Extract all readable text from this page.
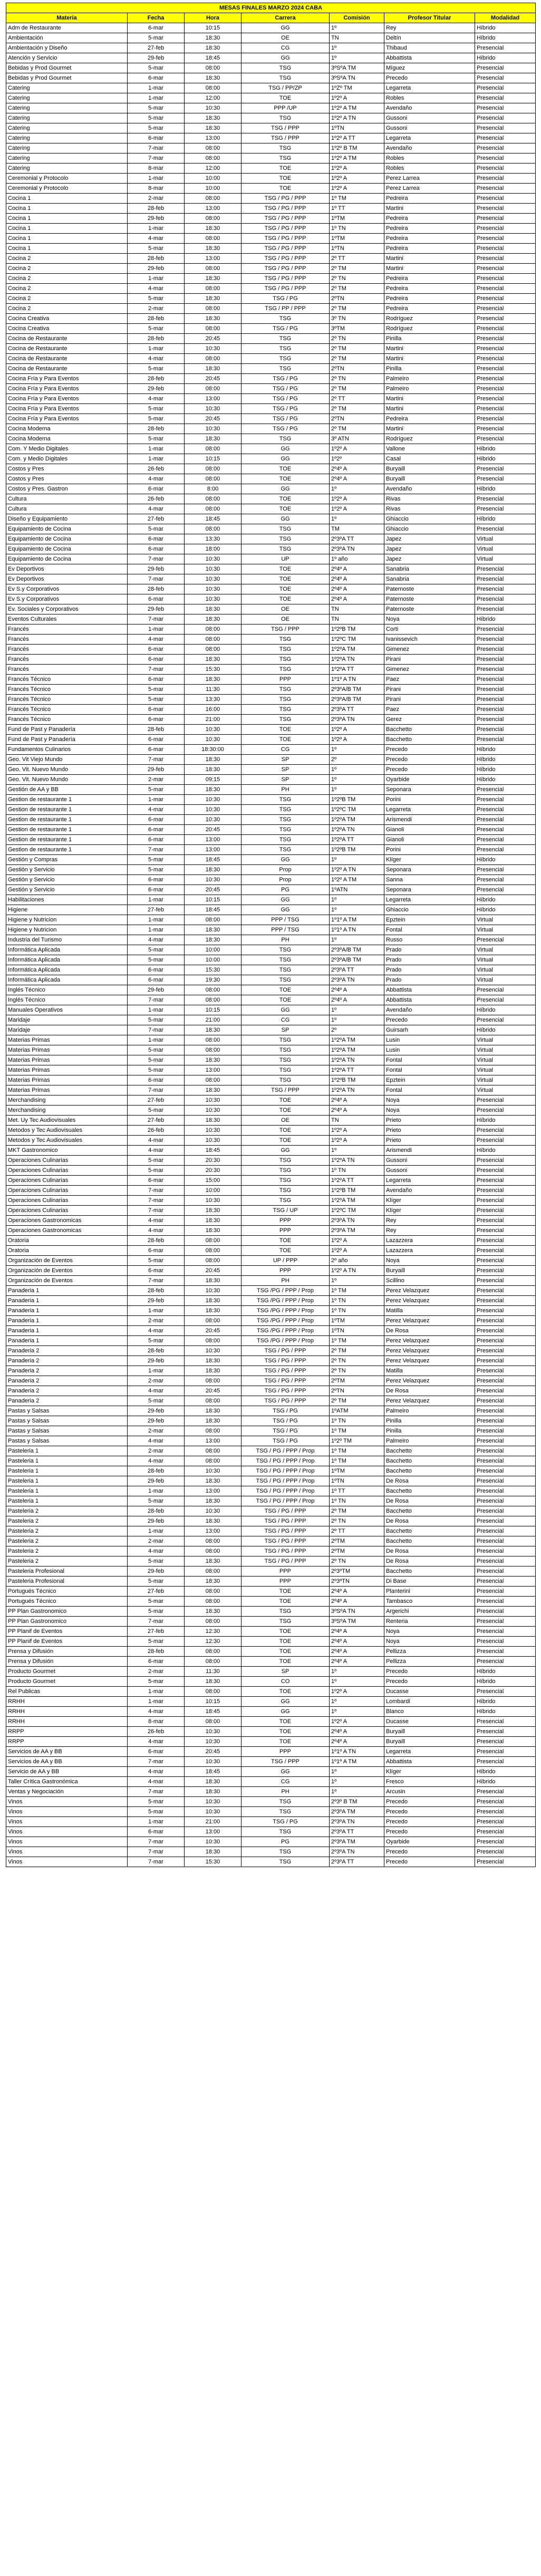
MESAS FINALES MARZO 2024 CABA						
Materia	Fecha	Hora	Carrera	Comisión	Profesor Titular	Modalidad
Adm de Restaurante	6-mar	10:15	GG	1º	Rey	Híbrido
Ambientación	5-mar	18:30	OE	TN	Deltín	Híbrido
Ambientación y Diseño	27-feb	18:30	CG	1º	Thibaud	Presencial
Atención y Servicio	29-feb	18:45	GG	1º	Abbattista	Híbrido
Bebidas y Prod Gourmet	5-mar	08:00	TSG	3ºSºA TM	Míguez	Presencial
Bebidas y Prod Gourmet	6-mar	18:30	TSG	3ºSºA TN	Precedo	Presencial
Catering	1-mar	08:00	TSG / PP/ZP	1ºZº TM	Legarreta	Presencial
Catering	1-mar	12:00	TOE	1º2º A	Robles	Presencial
Catering	5-mar	10:30	PPP /UP	1º2º A TM	Avendaño	Presencial
Catering	5-mar	18:30	TSG	1º2º A TN	Gussoni	Presencial
Catering	5-mar	18:30	TSG / PPP	1ºTN	Gussoni	Presencial
Catering	6-mar	13:00	TSG / PPP	1º2º A TT	Legarreta	Presencial
Catering	7-mar	08:00	TSG	1º2º B TM	Avendaño	Presencial
Catering	7-mar	08:00	TSG	1º2º A TM	Robles	Presencial
Catering	8-mar	12:00	TOE	1º2º A	Robles	Presencial
Ceremonial y Protocolo	1-mar	10:00	TOE	1º2º A	Perez Larrea	Presencial
Ceremonial y Protocolo	8-mar	10:00	TOE	1º2º A	Perez Larrea	Presencial
Cocina 1	2-mar	08:00	TSG / PG / PPP	1º TM	Pedreira	Presencial
Cocina 1	28-feb	13:00	TSG / PG / PPP	1º TT	Martini	Presencial
Cocina 1	29-feb	08:00	TSG / PG / PPP	1ºTM	Pedreira	Presencial
Cocina 1	1-mar	18:30	TSG / PG / PPP	1º TN	Pedreira	Presencial
Cocina 1	4-mar	08:00	TSG / PG / PPP	1ºTM	Pedreira	Presencial
Cocina 1	5-mar	18:30	TSG / PG / PPP	1ºTN	Pedreira	Presencial
Cocina 2	28-feb	13:00	TSG / PG / PPP	2º TT	Martini	Presencial
Cocina 2	29-feb	08:00	TSG / PG / PPP	2º TM	Martini	Presencial
Cocina 2	1-mar	18:30	TSG / PG / PPP	2º TN	Pedreira	Presencial
Cocina 2	4-mar	08:00	TSG / PG / PPP	2º TM	Pedreira	Presencial
Cocina 2	5-mar	18:30	TSG / PG	2ºTN	Pedreira	Presencial
Cocina 2	2-mar	08:00	TSG / PP / PPP	2º TM	Pedreira	Presencial
Cocina Creativa	28-feb	18:30	TSG	3º TN	Rodríguez	Presencial
Cocina Creativa	5-mar	08:00	TSG / PG	3ºTM	Rodríguez	Presencial
Cocina de Restaurante	28-feb	20:45	TSG	2º TN	Pinilla	Presencial
Cocina de Restaurante	1-mar	10:30	TSG	2º TM	Martini	Presencial
Cocina de Restaurante	4-mar	08:00	TSG	2º TM	Martini	Presencial
Cocina de Restaurante	5-mar	18:30	TSG	2ºTN	Pinilla	Presencial
Cocina Fría y Para Eventos	28-feb	20:45	TSG / PG	2º TN	Palmeiro	Presencial
Cocina Fría y Para Eventos	29-feb	08:00	TSG / PG	2º TM	Palmeiro	Presencial
Cocina Fría y Para Eventos	4-mar	13:00	TSG / PG	2º TT	Martini	Presencial
Cocina Fría y Para Eventos	5-mar	10:30	TSG / PG	2º TM	Martini	Presencial
Cocina Fría y Para Eventos	5-mar	20:45	TSG / PG	2ºTN	Pedreira	Presencial
Cocina Moderna	28-feb	10:30	TSG / PG	2º TM	Martini	Presencial
Cocina Moderna	5-mar	18:30	TSG	3º ATN	Rodríguez	Presencial
Com. Y Medio Digitales	1-mar	08:00	GG	1º2º A	Vallone	Híbrido
Com. y Medio Digitales	1-mar	10:15	GG	1º2º	Casal	Híbrido
Costos y Pres	26-feb	08:00	TOE	2º4º A	Buryaill	Presencial
Costos y Pres	4-mar	08:00	TOE	2º4º A	Buryaill	Presencial
Costos y Pres. Gastron	6-mar	8:00	GG	1º	Avendaño	Híbrido
Cultura	26-feb	08:00	TOE	1º2º A	Rivas	Presencial
Cultura	4-mar	08:00	TOE	1º2º A	Rivas	Presencial
Diseño y Equipamiento	27-feb	18:45	GG	1º	Ghiaccio	Híbrido
Equipamiento de Cocina	5-mar	08:00	TSG	TM	Ghiaccio	Presencial
Equipamiento de Cocina	6-mar	13:30	TSG	2º3ºA TT	Japez	Virtual
Equipamiento de Cocina	6-mar	18:00	TSG	2º3ºA TN	Japez	Virtual
Equipamiento de Cocina	7-mar	10:30	UP	1º año	Japez	Virtual
Ev Deportivos	29-feb	10:30	TOE	2º4º A	Sanabria	Presencial
Ev Deportivos	7-mar	10:30	TOE	2º4º A	Sanabria	Presencial
Ev S.y Corporativos	28-feb	10:30	TOE	2º4º A	Paternoste	Presencial
Ev S.y Corporativos	6-mar	10:30	TOE	2º4º A	Paternoste	Presencial
Ev. Sociales y Corporativos	29-feb	18:30	OE	TN	Paternoste	Presencial
Eventos Culturales	7-mar	18:30	OE	TN	Noya	Híbrido
Francés	1-mar	08:00	TSG / PPP	1º2ºB TM	Corti	Presencial
Francés	4-mar	08:00	TSG	1º2ºC TM	Ivanissevich	Presencial
Francés	6-mar	08:00	TSG	1º2ºA TM	Gimenez	Presencial
Francés	6-mar	18:30	TSG	1º2ºA TN	Pirani	Presencial
Francés	7-mar	15:30	TSG	1º2ºA TT	Gimenez	Presencial
Francés Técnico	6-mar	18:30	PPP	1º1º A TN	Paez	Presencial
Francés Técnico	5-mar	11:30	TSG	2º3ºA/B TM	Pirani	Presencial
Francés Técnico	5-mar	13:30	TSG	2º3ºA/B TM	Pirani	Presencial
Francés Técnico	6-mar	16:00	TSG	2º3ºA TT	Paez	Presencial
Francés Técnico	6-mar	21:00	TSG	2º3ºA TN	Gerez	Presencial
Fund de Past y Panadería	28-feb	10:30	TOE	1º2º A	Bacchetto	Presencial
Fund de Past y Panadería	6-mar	10:30	TOE	1º2º A	Bacchetto	Presencial
Fundamentos Culinarios	6-mar	18:30:00	CG	1º	Precedo	Híbrido
Geo. Vit Viejo Mundo	7-mar	18:30	SP	2º	Precedo	Híbrido
Geo. Vit. Nuevo Mundo	29-feb	18:30	SP	1º	Precedo	Híbrido
Geo. Vit. Nuevo Mundo	2-mar	09:15	SP	1º	Oyarbide	Híbrido
Gestión de AA y BB	5-mar	18:30	PH	1º	Seponara	Presencial
Gestion de restaurante 1	1-mar	10:30	TSG	1º2ºB TM	Porini	Presencial
Gestion de restaurante 1	4-mar	10:30	TSG	1º2ºC TM	Legarreta	Presencial
Gestion de restaurante 1	6-mar	10:30	TSG	1º2ºA TM	Arismendi	Presencial
Gestion de restaurante 1	6-mar	20:45	TSG	1º2ºA TN	Gianoli	Presencial
Gestion de restaurante 1	6-mar	13:00	TSG	1º2ºA TT	Gianoli	Presencial
Gestion de restaurante 1	7-mar	13:00	TSG	1º2ºB TM	Porini	Presencial
Gestión y Compras	5-mar	18:45	GG	1º	Klíger	Híbrido
Gestión y Servicio	5-mar	18:30	Prop	1º2º A TN	Seponara	Presencial
Gestión y Servicio	6-mar	10:30	Prop	1º2º A TM	Sanna	Presencial
Gestión y Servicio	6-mar	20:45	PG	1ºATN	Seponara	Presencial
Habilitaciones	1-mar	10:15	GG	1º	Legarreta	Híbrido
Higiene	27-feb	18:45	GG	1º	Ghiaccio	Híbrido
Higiene y Nutricion	1-mar	08:00	PPP / TSG	1º1º A TM	Epztein	Virtual
Higiene y Nutricion	1-mar	18:30	PPP / TSG	1º1º A TN	Fontal	Virtual
Industria del Turismo	4-mar	18:30	PH	1º	Russo	Presencial
Informática Aplicada	5-mar	10:00	TSG	2º3ºA/B TM	Prado	Virtual
Informática Aplicada	5-mar	10:00	TSG	2º3ºA/B TM	Prado	Virtual
Informática Aplicada	6-mar	15:30	TSG	2º3ºA TT	Prado	Virtual
Informática Aplicada	6-mar	19:30	TSG	2º3ºA TN	Prado	Virtual
Inglés Técnico	29-feb	08:00	TOE	2º4º A	Abbattista	Presencial
Inglés Técnico	7-mar	08:00	TOE	2º4º A	Abbattista	Presencial
Manuales Operativos	1-mar	10:15	GG	1º	Avendaño	Híbrido
Maridaje	5-mar	21:00	CG	1º	Precedo	Presencial
Maridaje	7-mar	18:30	SP	2º	Guirsarh	Híbrido
Materias Primas	1-mar	08:00	TSG	1º2ºA TM	Lusin	Virtual
Materias Primas	5-mar	08:00	TSG	1º2ºA TM	Lusin	Virtual
Materias Primas	5-mar	18:30	TSG	1º2ºA TN	Fontal	Virtual
Materias Primas	5-mar	13:00	TSG	1º2ºA TT	Fontal	Virtual
Materias Primas	6-mar	08:00	TSG	1º2ºB TM	Epztein	Virtual
Materias Primas	7-mar	18:30	TSG / PPP	1º2ºA TN	Fontal	Virtual
Merchandising	27-feb	10:30	TOE	2º4º A	Noya	Presencial
Merchandising	5-mar	10:30	TOE	2º4º A	Noya	Presencial
Met. Uy Tec Audiovisuales	27-feb	18:30	OE	TN	Prieto	Híbrido
Metodos y Tec Audiovisuales	26-feb	10:30	TOE	1º2º A	Prieto	Presencial
Metodos y Tec Audiovisuales	4-mar	10:30	TOE	1º2º A	Prieto	Presencial
MKT Gastronomico	4-mar	18:45	GG	1º	Arismendi	Híbrido
Operaciones Culinarias	5-mar	20:30	TSG	1º2ºA TN	Gussoni	Presencial
Operaciones Culinarias	5-mar	20:30	TSG	1º TN	Gussoni	Presencial
Operaciones Culinarias	6-mar	15:00	TSG	1º2ºA TT	Legarreta	Presencial
Operaciones Culinarias	7-mar	10:00	TSG	1º2ºB TM	Avendaño	Presencial
Operaciones Culinarias	7-mar	10:30	TSG	1º2ºA TM	Klíger	Presencial
Operaciones Culinarias	7-mar	18:30	TSG / UP	1º2ºC TM	Klíger	Presencial
Operaciones Gastronomicas	4-mar	18:30	PPP	2º3ºA TN	Rey	Presencial
Operaciones Gastronomicas	4-mar	18:30	PPP	2º3ºA TM	Rey	Presencial
Oratoria	28-feb	08:00	TOE	1º2º A	Lazazzera	Presencial
Oratoria	6-mar	08:00	TOE	1º2º A	Lazazzera	Presencial
Organización de Eventos	5-mar	08:00	UP / PPP	2º año	Noya	Presencial
Organización de Eventos	6-mar	20:45	PPP	1º2º A TN	Buryaill	Presencial
Organización de Eventos	7-mar	18:30	PH	1º	Scillino	Presencial
Panaderia 1	28-feb	10:30	TSG /PG / PPP / Prop	1º TM	Perez Velazquez	Presencial
Panaderia 1	29-feb	18:30	TSG /PG / PPP / Prop	1º TN	Perez Velazquez	Presencial
Panaderia 1	1-mar	18:30	TSG /PG / PPP / Prop	1º TN	Matilla	Presencial
Panaderia 1	2-mar	08:00	TSG /PG / PPP / Prop	1ºTM	Perez Velazquez	Presencial
Panaderia 1	4-mar	20:45	TSG /PG / PPP / Prop	1ºTN	De Rosa	Presencial
Panaderia 1	5-mar	08:00	TSG /PG / PPP / Prop	1º TM	Perez Velazquez	Presencial
Panaderia 2	28-feb	10:30	TSG / PG / PPP	2º TM	Perez Velazquez	Presencial
Panaderia 2	29-feb	18:30	TSG / PG / PPP	2º TN	Perez Velazquez	Presencial
Panaderia 2	1-mar	18:30	TSG / PG / PPP	2º TN	Matilla	Presencial
Panaderia 2	2-mar	08:00	TSG / PG / PPP	2ºTM	Perez Velazquez	Presencial
Panaderia 2	4-mar	20:45	TSG / PG / PPP	2ºTN	De Rosa	Presencial
Panaderia 2	5-mar	08:00	TSG / PG / PPP	2º TM	Perez Velazquez	Presencial
Pastas y Salsas	29-feb	18:30	TSG / PG	1ºATM	Palmeiro	Presencial
Pastas y Salsas	29-feb	18:30	TSG / PG	1º TN	Pinilla	Presencial
Pastas y Salsas	2-mar	08:00	TSG / PG	1º TM	Pinilla	Presencial
Pastas y Salsas	4-mar	13:00	TSG / PG	1º2º TM	Palmeiro	Presencial
Pasteleria 1	2-mar	08:00	TSG / PG / PPP / Prop	1º TM	Bacchetto	Presencial
Pasteleria 1	4-mar	08:00	TSG / PG / PPP / Prop	1º TM	Bacchetto	Presencial
Pasteleria 1	28-feb	10:30	TSG / PG / PPP / Prop	1ºTM	Bacchetto	Presencial
Pasteleria 1	29-feb	18:30	TSG / PG / PPP / Prop	1ºTN	De Rosa	Presencial
Pasteleria 1	1-mar	13:00	TSG / PG / PPP / Prop	1º TT	Bacchetto	Presencial
Pasteleria 1	5-mar	18:30	TSG / PG / PPP / Prop	1º TN	De Rosa	Presencial
Pasteleria 2	28-feb	10:30	TSG / PG / PPP	2º TM	Bacchetto	Presencial
Pasteleria 2	29-feb	18:30	TSG / PG / PPP	2º TN	De Rosa	Presencial
Pasteleria 2	1-mar	13:00	TSG / PG / PPP	2º TT	Bacchetto	Presencial
Pasteleria 2	2-mar	08:00	TSG / PG / PPP	2ºTM	Bacchetto	Presencial
Pasteleria 2	4-mar	08:00	TSG / PG / PPP	2ºTM	De Rosa	Presencial
Pasteleria 2	5-mar	18:30	TSG / PG / PPP	2º TN	De Rosa	Presencial
Pasteleria Profesional	29-feb	08:00	PPP	2º3ºTM	Bacchetto	Presencial
Pasteleria Profesional	5-mar	18:30	PPP	2º3ºTN	Di Base	Presencial
Portugués Técnico	27-feb	08:00	TOE	2º4º A	Planterini	Presencial
Portugués Técnico	5-mar	08:00	TOE	2º4º A	Tambasco	Presencial
PP Plan Gastronomico	5-mar	18:30	TSG	3ºSºA TN	Argerichi	Presencial
PP Plan Gastronomico	7-mar	08:00	TSG	3ºSºA TM	Renteria	Presencial
PP Planif de Eventos	27-feb	12:30	TOE	2º4º A	Noya	Presencial
PP Planif de Eventos	5-mar	12:30	TOE	2º4º A	Noya	Presencial
Prensa y Difusión	28-feb	08:00	TOE	2º4º A	Pellizza	Presencial
Prensa y Difusión	6-mar	08:00	TOE	2º4º A	Pellizza	Presencial
Producto Gourmet	2-mar	11:30	SP	1º	Precedo	Híbrido
Producto Gourmet	5-mar	18:30	CO	1º	Precedo	Híbrido
Rel Publicas	1-mar	08:00	TOE	1º2º A	Ducasse	Presencial
RRHH	1-mar	10:15	GG	1º	Lombardi	Híbrido
RRHH	4-mar	18:45	GG	1º	Blanco	Híbrido
RRHH	8-mar	08:00	TOE	1º2º A	Ducasse	Presencial
RRPP	26-feb	10:30	TOE	2º4º A	Buryaill	Presencial
RRPP	4-mar	10:30	TOE	2º4º A	Buryaill	Presencial
Servicios de AA y BB	6-mar	20:45	PPP	1º1º A TN	Legarreta	Presencial
Servicios de AA y BB	7-mar	10:30	TSG / PPP	1º1º A TM	Abbattista	Presencial
Servicio de AA y BB	4-mar	18:45	GG	1º	Klíger	Híbrido
Taller Crítica Gastronómica	4-mar	18:30	CG	1º	Fresco	Híbrido
Ventas y Negociación	7-mar	18:30	PH	1º	Arcusin	Presencial
Vinos	5-mar	10:30	TSG	2º3º B TM	Precedo	Presencial
Vinos	5-mar	10:30	TSG	2º3ºA TM	Precedo	Presencial
Vinos	1-mar	21:00	TSG / PG	2º3ºA TN	Precedo	Presencial
Vinos	6-mar	13:00	TSG	2º3ºA TT	Precedo	Presencial
Vinos	7-mar	10:30	PG	2º3ºA TM	Oyarbide	Presencial
Vinos	7-mar	18:30	TSG	2º3ºA TN	Precedo	Presencial
Vinos	7-mar	15:30	TSG	2º3ºA TT	Precedo	Presencial
